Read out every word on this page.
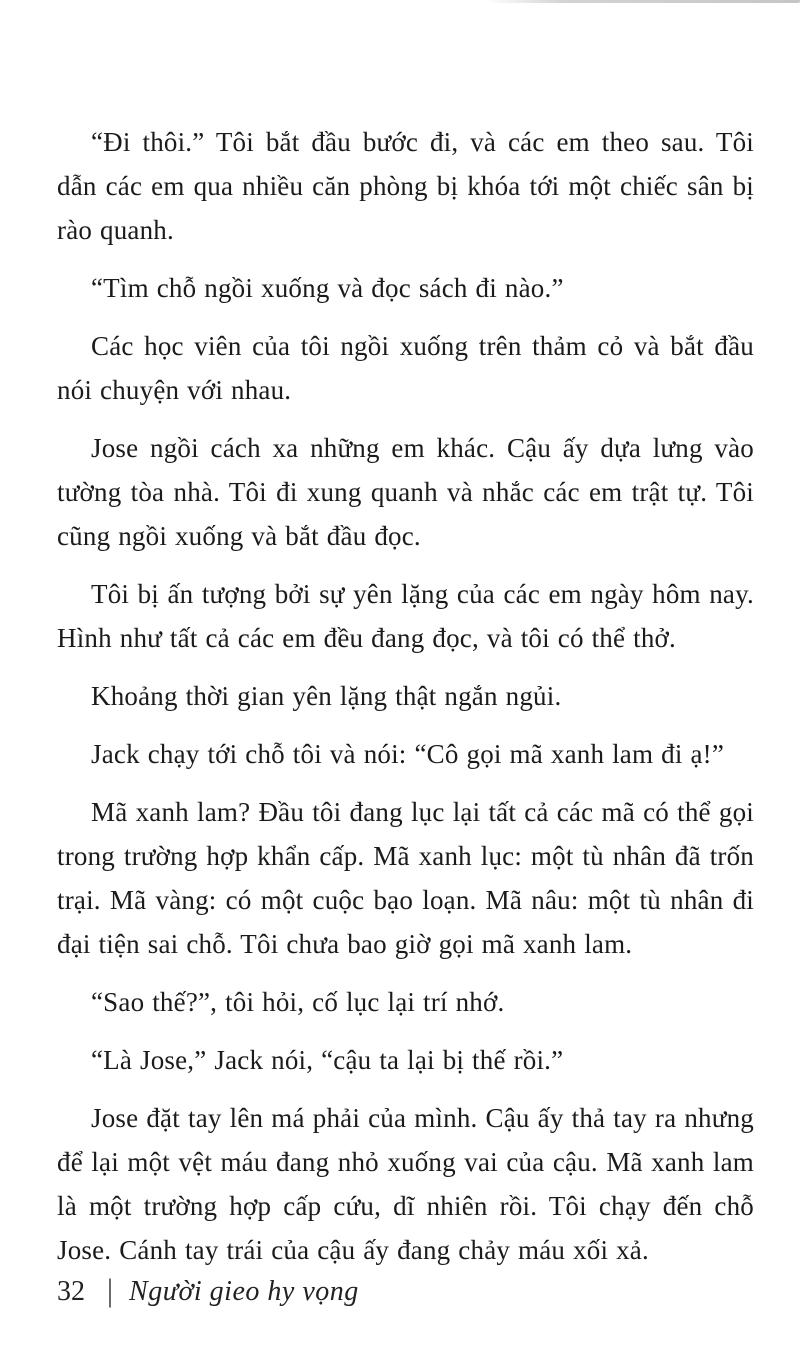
“Đi thôi.” Tôi bắt đầu bước đi, và các em theo sau. Tôi dẫn các em qua nhiều căn phòng bị khóa tới một chiếc sân bị rào quanh.

“Tìm chỗ ngồi xuống và đọc sách đi nào.”

Các học viên của tôi ngồi xuống trên thảm cỏ và bắt đầu nói chuyện với nhau.

Jose ngồi cách xa những em khác. Cậu ấy dựa lưng vào tường tòa nhà. Tôi đi xung quanh và nhắc các em trật tự. Tôi cũng ngồi xuống và bắt đầu đọc.

Tôi bị ấn tượng bởi sự yên lặng của các em ngày hôm nay. Hình như tất cả các em đều đang đọc, và tôi có thể thở.

Khoảng thời gian yên lặng thật ngắn ngủi.

Jack chạy tới chỗ tôi và nói: “Cô gọi mã xanh lam đi ạ!”

Mã xanh lam? Đầu tôi đang lục lại tất cả các mã có thể gọi trong trường hợp khẩn cấp. Mã xanh lục: một tù nhân đã trốn trại. Mã vàng: có một cuộc bạo loạn. Mã nâu: một tù nhân đi đại tiện sai chỗ. Tôi chưa bao giờ gọi mã xanh lam.

“Sao thế?”, tôi hỏi, cố lục lại trí nhớ.

“Là Jose,” Jack nói, “cậu ta lại bị thế rồi.”

Jose đặt tay lên má phải của mình. Cậu ấy thả tay ra nhưng để lại một vệt máu đang nhỏ xuống vai của cậu. Mã xanh lam là một trường hợp cấp cứu, dĩ nhiên rồi. Tôi chạy đến chỗ Jose. Cánh tay trái của cậu ấy đang chảy máu xối xả.

32 | Người gieo hy vọng
